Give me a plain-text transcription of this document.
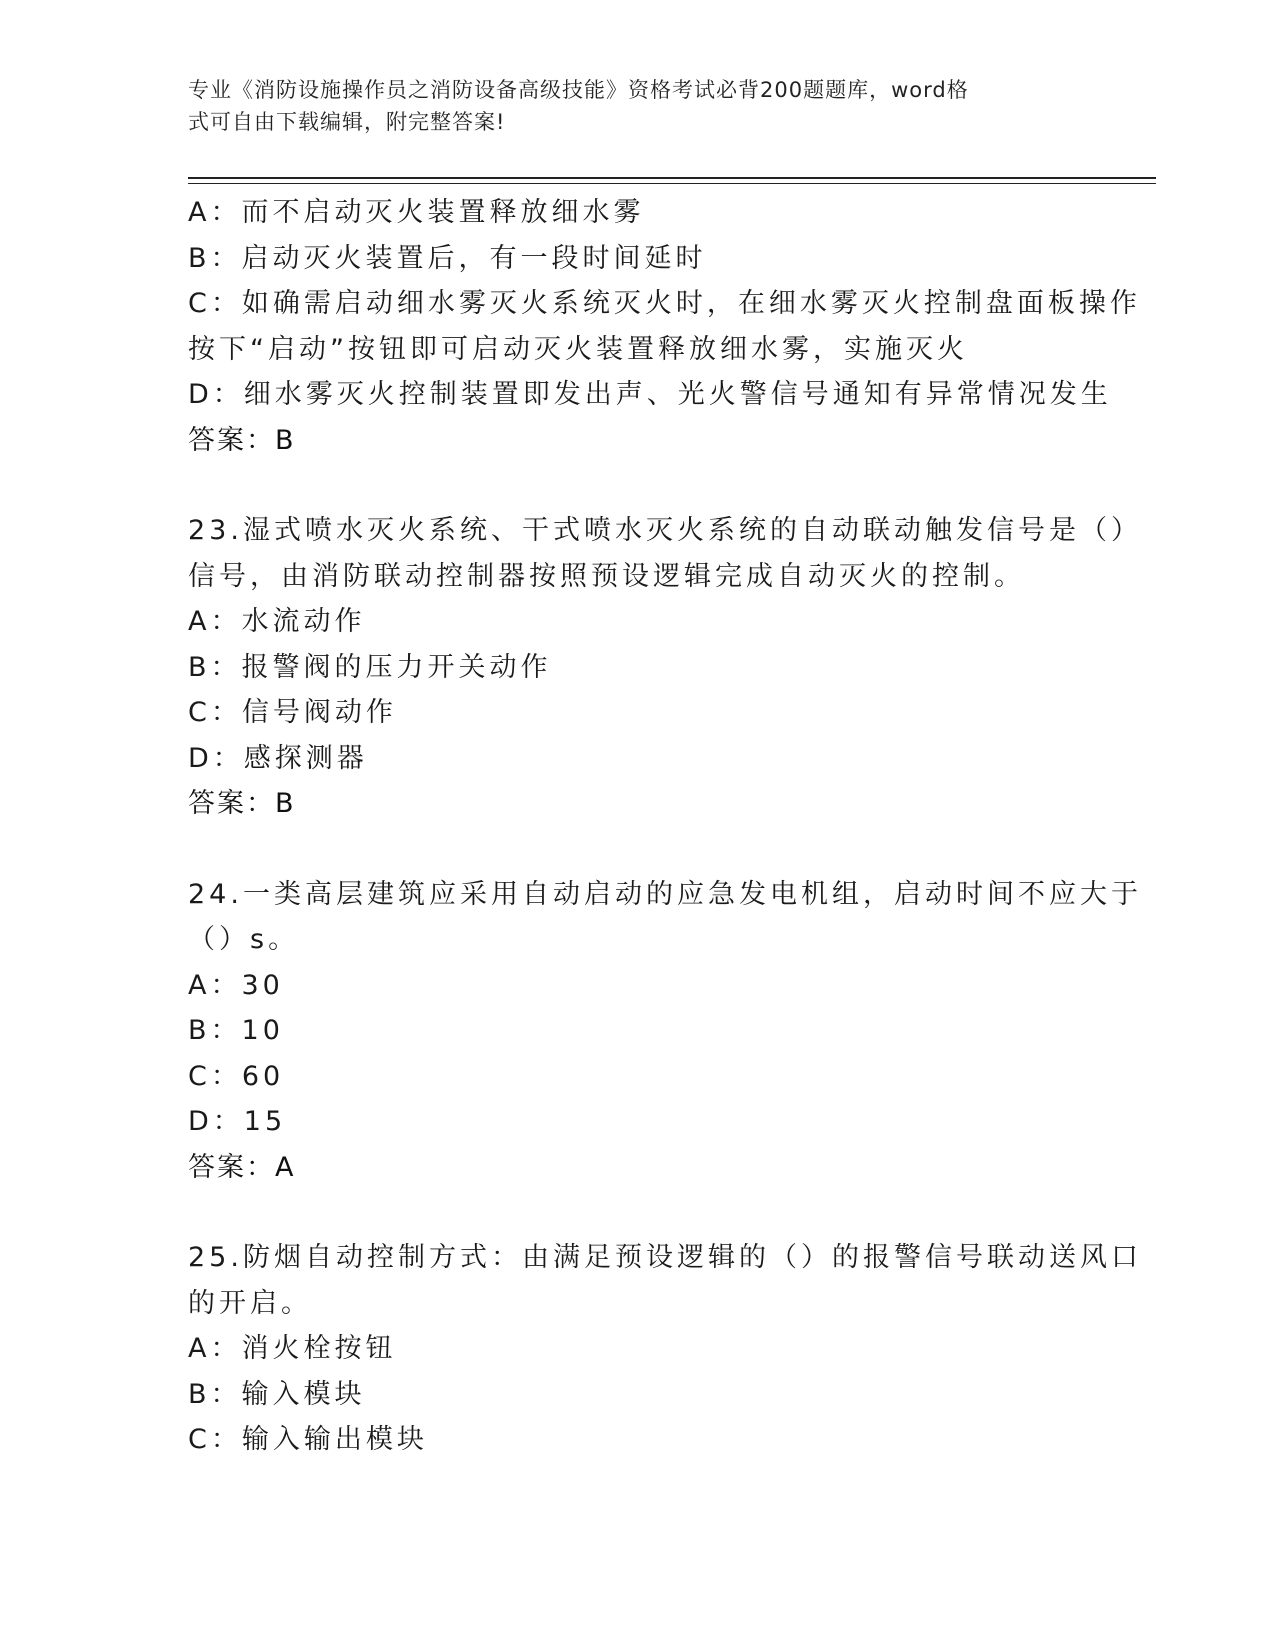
专业《消防设施操作员之消防设备高级技能》资格考试必背200题题库，word格
式可自由下载编辑，附完整答案!
A：而不启动灭火装置释放细水雾
B：启动灭火装置后，有一段时间延时
C：如确需启动细水雾灭火系统灭火时，在细水雾灭火控制盘面板操作
按下“启动”按钮即可启动灭火装置释放细水雾，实施灭火
D：细水雾灭火控制装置即发出声、光火警信号通知有异常情况发生
答案：B
23.湿式喷水灭火系统、干式喷水灭火系统的自动联动触发信号是（）
信号，由消防联动控制器按照预设逻辑完成自动灭火的控制。
A：水流动作
B：报警阀的压力开关动作
C：信号阀动作
D：感探测器
答案：B
24.一类高层建筑应采用自动启动的应急发电机组，启动时间不应大于
（）s。
A：30
B：10
C：60
D：15
答案：A
25.防烟自动控制方式：由满足预设逻辑的（）的报警信号联动送风口
的开启。
A：消火栓按钮
B：输入模块
C：输入输出模块
